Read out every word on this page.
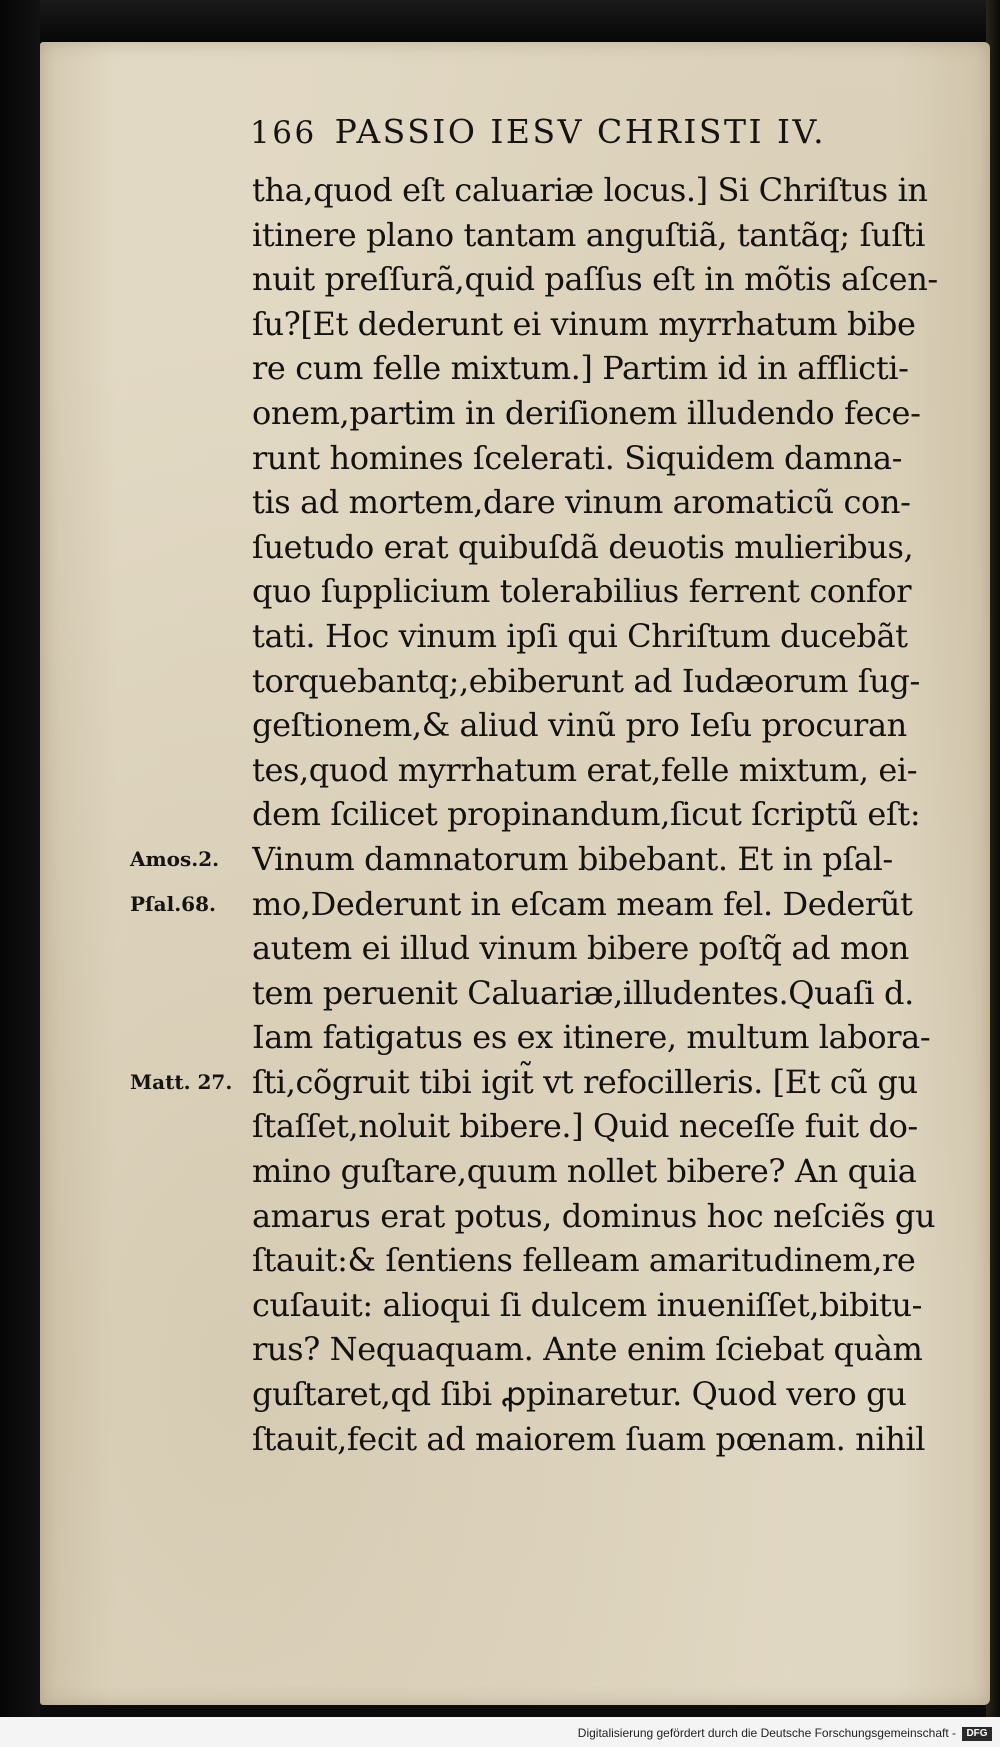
166 PASSIO IESV CHRISTI IV.
tha,quod eſt caluariæ locus.] Si Chriſtus in
itinere plano tantam anguſtiã, tantãq; ſuſti
nuit preſſurã,quid paſſus eſt in mõtis aſcen-
ſu?[Et dederunt ei vinum myrrhatum bibe
re cum felle mixtum.] Partim id in afflicti-
onem,partim in deriſionem illudendo fece-
runt homines ſcelerati. Siquidem damna-
tis ad mortem,dare vinum aromaticũ con-
ſuetudo erat quibuſdã deuotis mulieribus,
quo ſupplicium tolerabilius ferrent confor
tati. Hoc vinum ipſi qui Chriſtum ducebãt
torquebantq;,ebiberunt ad Iudæorum ſug-
geſtionem,& aliud vinũ pro Ieſu procuran
tes,quod myrrhatum erat,felle mixtum, ei-
dem ſcilicet propinandum,ſicut ſcriptũ eſt:
Vinum damnatorum bibebant. Et in pſal-
mo,Dederunt in eſcam meam fel. Dederũt
autem ei illud vinum bibere poſtq̃ ad mon
tem peruenit Caluariæ,illudentes.Quaſi d.
Iam fatigatus es ex itinere, multum labora-
ſti,cõgruit tibi igit̃ vt refocilleris. [Et cũ gu
ſtaſſet,noluit bibere.] Quid neceſſe fuit do-
mino guſtare,quum nollet bibere? An quia
amarus erat potus, dominus hoc neſciẽs gu
ſtauit:& ſentiens felleam amaritudinem,re
cuſauit: alioqui ſi dulcem inueniſſet,bibitu-
rus? Nequaquam. Ante enim ſciebat quàm
guſtaret,qd ſibi ꝓpinaretur. Quod vero gu
ſtauit,fecit ad maiorem ſuam pœnam. nihil
Amos.2.
Pſal.68.
Matt. 27.
Digitalisierung gefördert durch die Deutsche Forschungsgemeinschaft -	DFG
